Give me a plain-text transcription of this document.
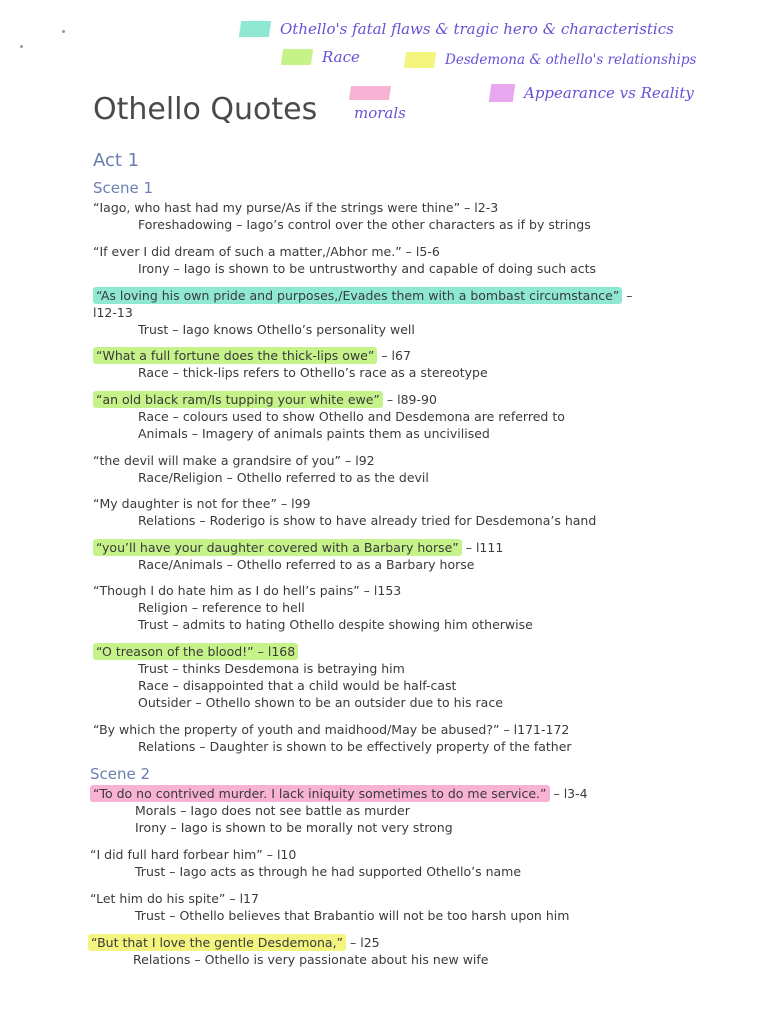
Othello's fatal flaws & tragic hero & characteristics
Race	Desdemona & othello's relationships
morals
Appearance vs Reality
Othello Quotes
Act 1
Scene 1
“Iago, who hast had my purse/As if the strings were thine” – l2-3
Foreshadowing – Iago’s control over the other characters as if by strings
“If ever I did dream of such a matter,/Abhor me.” – l5-6
Irony – Iago is shown to be untrustworthy and capable of doing such acts
“As loving his own pride and purposes,/Evades them with a bombast circumstance” –
l12-13
Trust – Iago knows Othello’s personality well
“What a full fortune does the thick-lips owe” – l67
Race – thick-lips refers to Othello’s race as a stereotype
“an old black ram/Is tupping your white ewe” – l89-90
Race – colours used to show Othello and Desdemona are referred to
Animals – Imagery of animals paints them as uncivilised
“the devil will make a grandsire of you” – l92
Race/Religion – Othello referred to as the devil
“My daughter is not for thee” – l99
Relations – Roderigo is show to have already tried for Desdemona’s hand
“you’ll have your daughter covered with a Barbary horse” – l111
Race/Animals – Othello referred to as a Barbary horse
“Though I do hate him as I do hell’s pains” – l153
Religion – reference to hell
Trust – admits to hating Othello despite showing him otherwise
“O treason of the blood!” – l168
Trust – thinks Desdemona is betraying him
Race – disappointed that a child would be half-cast
Outsider – Othello shown to be an outsider due to his race
“By which the property of youth and maidhood/May be abused?” – l171-172
Relations – Daughter is shown to be effectively property of the father
Scene 2
“To do no contrived murder. I lack iniquity sometimes to do me service.” – l3-4
Morals – Iago does not see battle as murder
Irony – Iago is shown to be morally not very strong
“I did full hard forbear him” – l10
Trust – Iago acts as through he had supported Othello’s name
“Let him do his spite” – l17
Trust – Othello believes that Brabantio will not be too harsh upon him
“But that I love the gentle Desdemona,” – l25
Relations – Othello is very passionate about his new wife
